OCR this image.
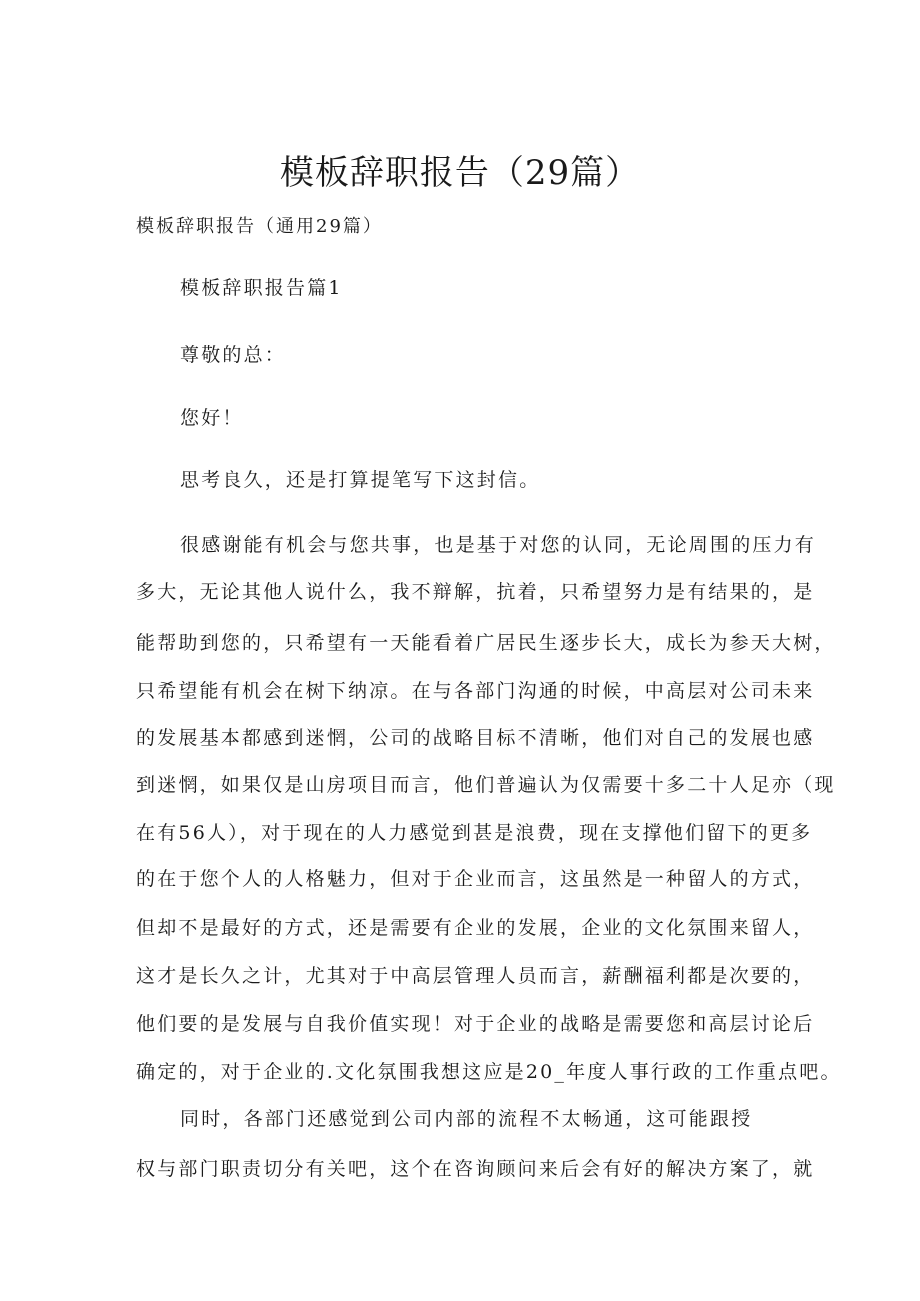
模板辞职报告（29篇）

模板辞职报告（通用29篇）

模板辞职报告篇1

尊敬的总：

您好！

思考良久，还是打算提笔写下这封信。

很感谢能有机会与您共事，也是基于对您的认同，无论周围的压力有

多大，无论其他人说什么，我不辩解，抗着，只希望努力是有结果的，是

能帮助到您的，只希望有一天能看着广居民生逐步长大，成长为参天大树，

只希望能有机会在树下纳凉。在与各部门沟通的时候，中高层对公司未来

的发展基本都感到迷惘，公司的战略目标不清晰，他们对自己的发展也感

到迷惘，如果仅是山房项目而言，他们普遍认为仅需要十多二十人足亦（现

在有56人），对于现在的人力感觉到甚是浪费，现在支撑他们留下的更多

的在于您个人的人格魅力，但对于企业而言，这虽然是一种留人的方式，

但却不是最好的方式，还是需要有企业的发展，企业的文化氛围来留人，

这才是长久之计，尤其对于中高层管理人员而言，薪酬福利都是次要的，

他们要的是发展与自我价值实现！对于企业的战略是需要您和高层讨论后

确定的，对于企业的.文化氛围我想这应是20_年度人事行政的工作重点吧。

同时，各部门还感觉到公司内部的流程不太畅通，这可能跟授

权与部门职责切分有关吧，这个在咨询顾问来后会有好的解决方案了，就
